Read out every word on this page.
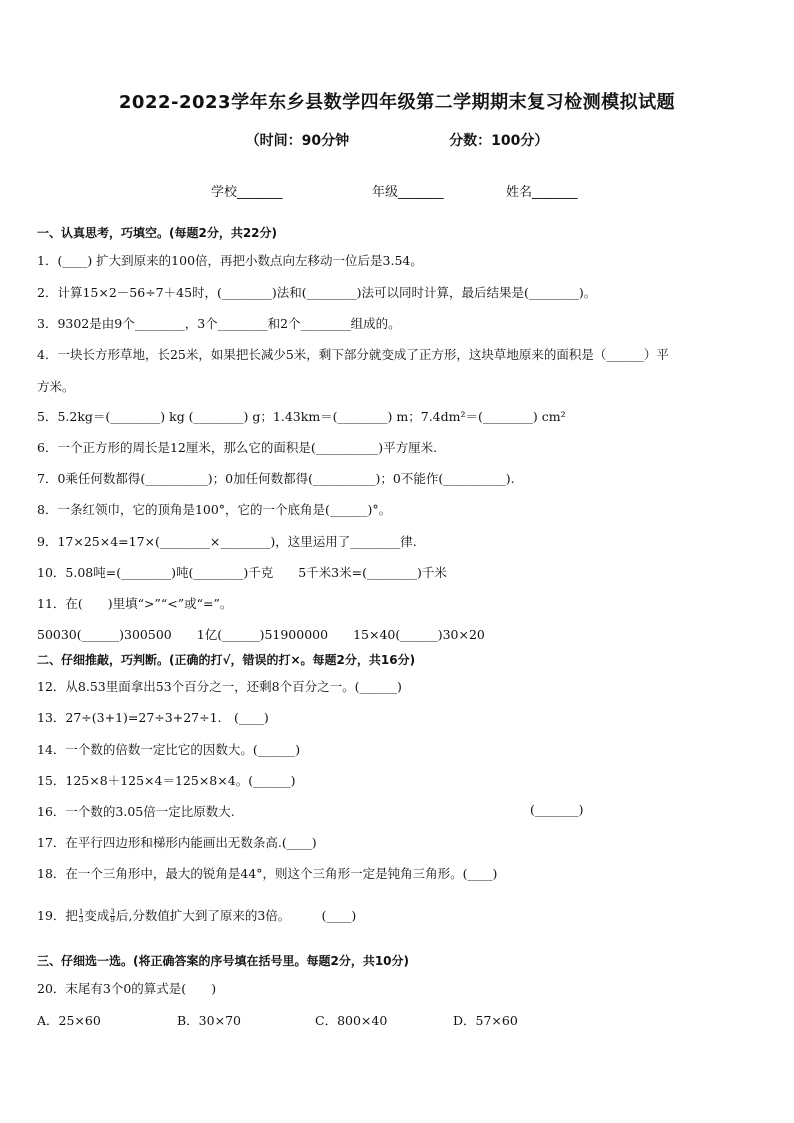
2022-2023学年东乡县数学四年级第二学期期末复习检测模拟试题
（时间：90分钟	分数：100分）
学校_______	年级_______	姓名_______
一、认真思考，巧填空。(每题2分，共22分)
1．(____) 扩大到原来的100倍，再把小数点向左移动一位后是3.54。
2．计算15×2－56÷7＋45时，(________)法和(________)法可以同时计算，最后结果是(________)。
3．9302是由9个________，3个________和2个________组成的。
4．一块长方形草地，长25米，如果把长减少5米，剩下部分就变成了正方形，这块草地原来的面积是（______）平
方米。
5．5.2kg＝(________) kg (________) g；1.43km＝(________) m；7.4dm²＝(________) cm²
6．一个正方形的周长是12厘米，那么它的面积是(__________)平方厘米.
7．0乘任何数都得(__________)；0加任何数都得(__________)；0不能作(__________).
8．一条红领巾，它的顶角是100°，它的一个底角是(______)°。
9．17×25×4=17×(________×________)，这里运用了________律.
10．5.08吨=(________)吨(________)千克　　5千米3米=(________)千米
11．在(　　)里填“>”“<”或“=”。
50030(______)300500　　1亿(______)51900000　　15×40(______)30×20
二、仔细推敲，巧判断。(正确的打√，错误的打×。每题2分，共16分)
12．从8.53里面拿出53个百分之一，还剩8个百分之一。(______)
13．27÷(3+1)=27÷3+27÷1.　(____)
14．一个数的倍数一定比它的因数大。(______)
15．125×8＋125×4＝125×8×4。(______)
16．一个数的3.05倍一定比原数大.	(_______)
17．在平行四边形和梯形内能画出无数条高.(____)
18．在一个三角形中，最大的锐角是44°，则这个三角形一定是钝角三角形。(____)
19．把 $\frac{1}{3}$ 变成 $\frac{3}{9}$ 后,分数值扩大到了原来的3倍。　　　(____)
三、仔细选一选。(将正确答案的序号填在括号里。每题2分，共10分)
20．末尾有3个0的算式是(　　)
A．25×60	B．30×70	C．800×40	D．57×60
